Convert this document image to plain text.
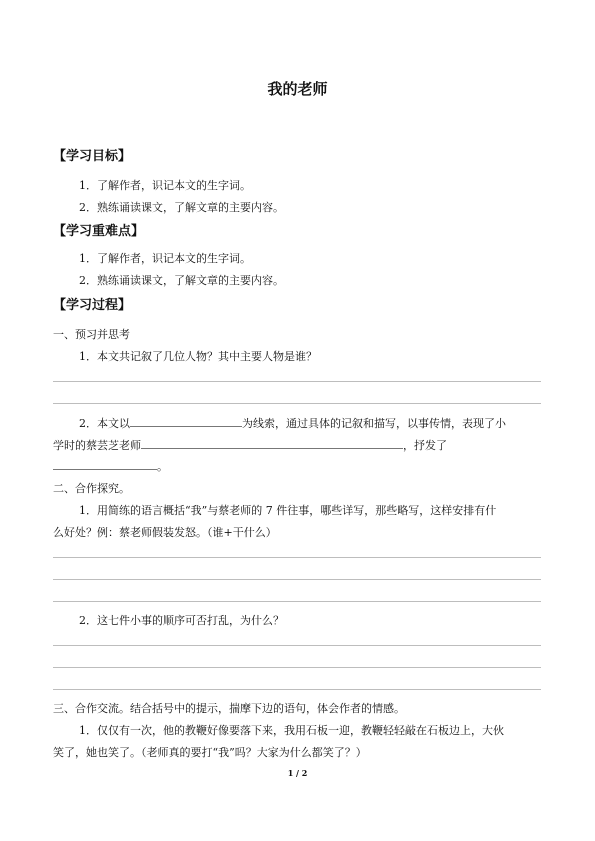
我的老师
【学习目标】
1．了解作者，识记本文的生字词。
2．熟练诵读课文，了解文章的主要内容。
【学习重难点】
1．了解作者，识记本文的生字词。
2．熟练诵读课文，了解文章的主要内容。
【学习过程】
一、预习并思考
1．本文共记叙了几位人物？其中主要人物是谁？
2．本文以	为线索，通过具体的记叙和描写，以事传情，表现了小
学时的蔡芸芝老师	，抒发了
。
二、合作探究。
1．用简练的语言概括“我”与蔡老师的 7 件往事，哪些详写，那些略写，这样安排有什
么好处？例：蔡老师假装发怒。（谁+干什么）
2．这七件小事的顺序可否打乱，为什么？
三、合作交流。结合括号中的提示，揣摩下边的语句，体会作者的情感。
1．仅仅有一次，他的教鞭好像要落下来，我用石板一迎，教鞭轻轻敲在石板边上，大伙
笑了，她也笑了。（老师真的要打“我”吗？大家为什么都笑了？）
1 / 2
